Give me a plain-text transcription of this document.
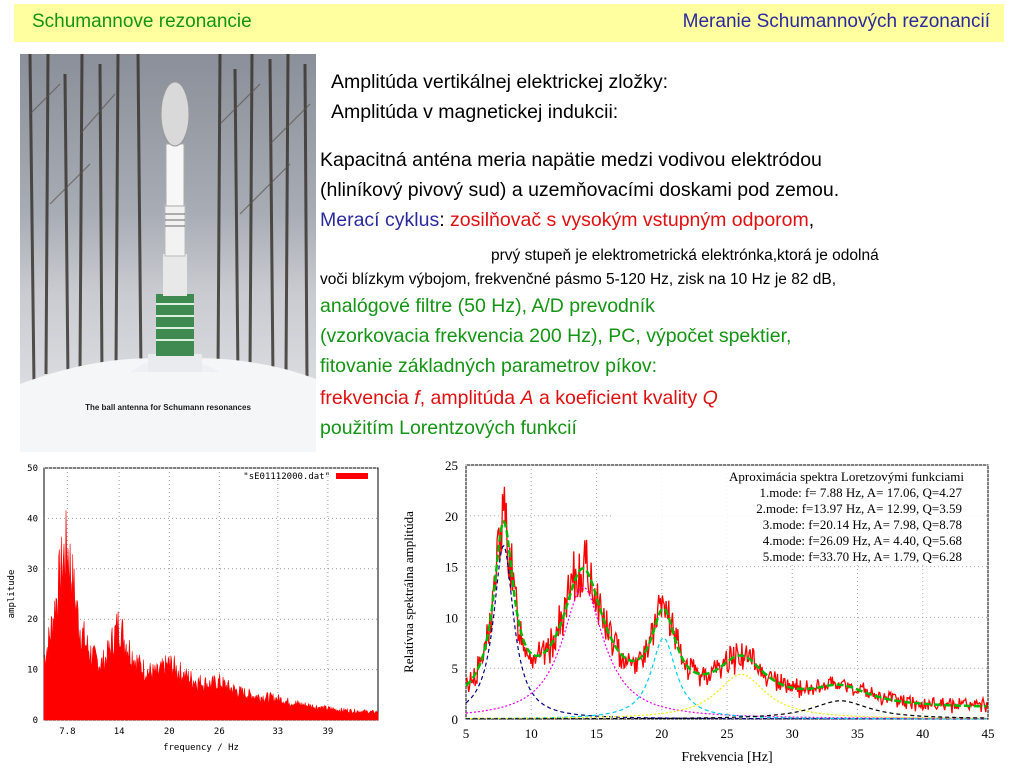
Schumannove rezonancie	Meranie Schumannových rezonancií
The ball antenna for Schumann resonances
Amplitúda vertikálnej elektrickej zložky:
Amplitúda v magnetickej indukcii:
Kapacitná anténa meria napätie medzi vodivou elektródou
(hliníkový pivový sud) a uzemňovacími doskami pod zemou.
Merací cyklus: zosilňovač s vysokým vstupným odporom,
prvý stupeň je elektrometrická elektrónka,ktorá je odolná
voči blízkym výbojom, frekvenčné pásmo 5-120 Hz, zisk na 10 Hz je 82 dB,
analógové filtre (50 Hz), A/D prevodník
(vzorkovacia frekvencia 200 Hz), PC, výpočet spektier,
fitovanie základných parametrov píkov:
frekvencia f, amplitúda A a koeficient kvality Q
použitím Lorentzových funkcií
0
10
20
30
40
50
7.8	14	20	26	33	39
"sE01112000.dat"
amplitude
frequency / Hz
0
5
10
15
20
25
5	10	15	20	25	30	35	40	45
Aproximácia spektra Loretzovými funkciami
1.mode: f= 7.88 Hz, A= 17.06, Q=4.27
2.mode: f=13.97 Hz, A= 12.99, Q=3.59
3.mode: f=20.14 Hz, A= 7.98, Q=8.78
4.mode: f=26.09 Hz, A= 4.40, Q=5.68
5.mode: f=33.70 Hz, A= 1.79, Q=6.28
Relatívna spektrálna amplitúda
Frekvencia [Hz]
